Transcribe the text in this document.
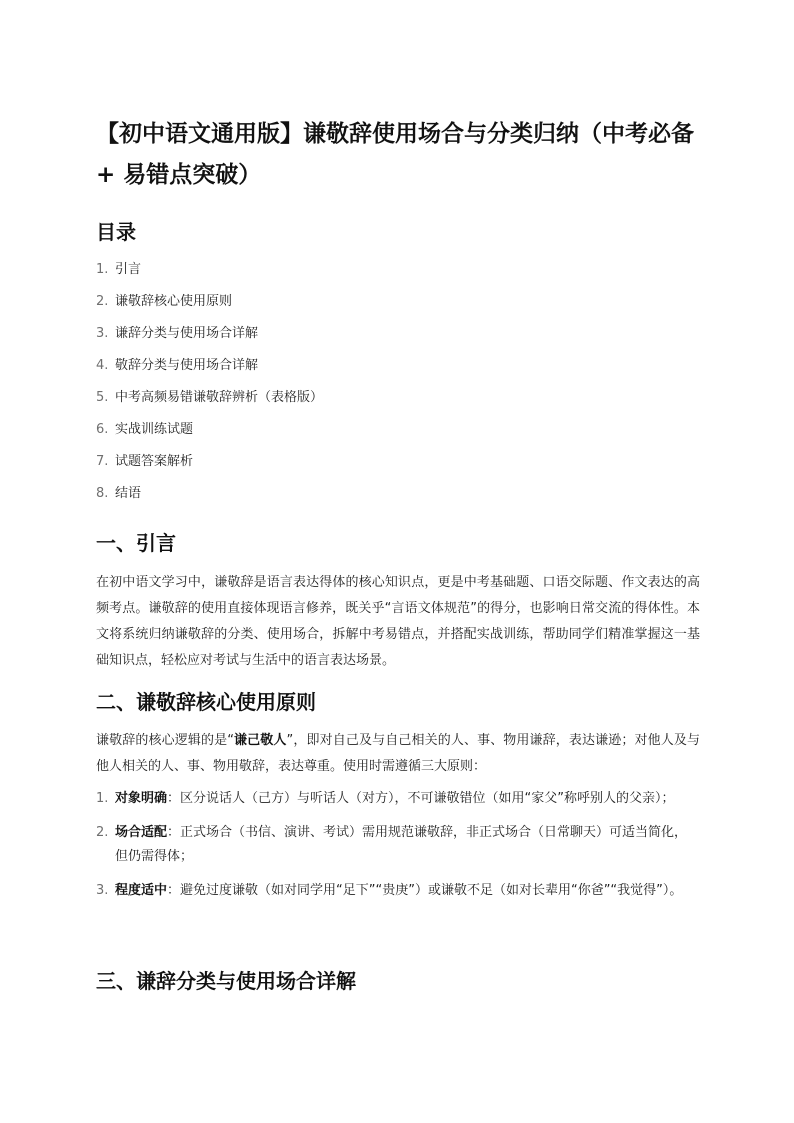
【初中语文通用版】谦敬辞使用场合与分类归纳（中考必备 + 易错点突破）
目录
1. 引言
2. 谦敬辞核心使用原则
3. 谦辞分类与使用场合详解
4. 敬辞分类与使用场合详解
5. 中考高频易错谦敬辞辨析（表格版）
6. 实战训练试题
7. 试题答案解析
8. 结语
一、引言

在初中语文学习中，谦敬辞是语言表达得体的核心知识点，更是中考基础题、口语交际题、作文表达的高频考点。谦敬辞的使用直接体现语言修养，既关乎“言语文体规范”的得分，也影响日常交流的得体性。本文将系统归纳谦敬辞的分类、使用场合，拆解中考易错点，并搭配实战训练，帮助同学们精准掌握这一基础知识点，轻松应对考试与生活中的语言表达场景。

二、谦敬辞核心使用原则

谦敬辞的核心逻辑的是“谦己敬人”，即对自己及与自己相关的人、事、物用谦辞，表达谦逊；对他人及与他人相关的人、事、物用敬辞，表达尊重。使用时需遵循三大原则：

1. 对象明确：区分说话人（己方）与听话人（对方），不可谦敬错位（如用“家父”称呼别人的父亲）；
2. 场合适配：正式场合（书信、演讲、考试）需用规范谦敬辞，非正式场合（日常聊天）可适当简化，但仍需得体；
3. 程度适中：避免过度谦敬（如对同学用“足下”“贵庚”）或谦敬不足（如对长辈用“你爸”“我觉得”）。
三、谦辞分类与使用场合详解
